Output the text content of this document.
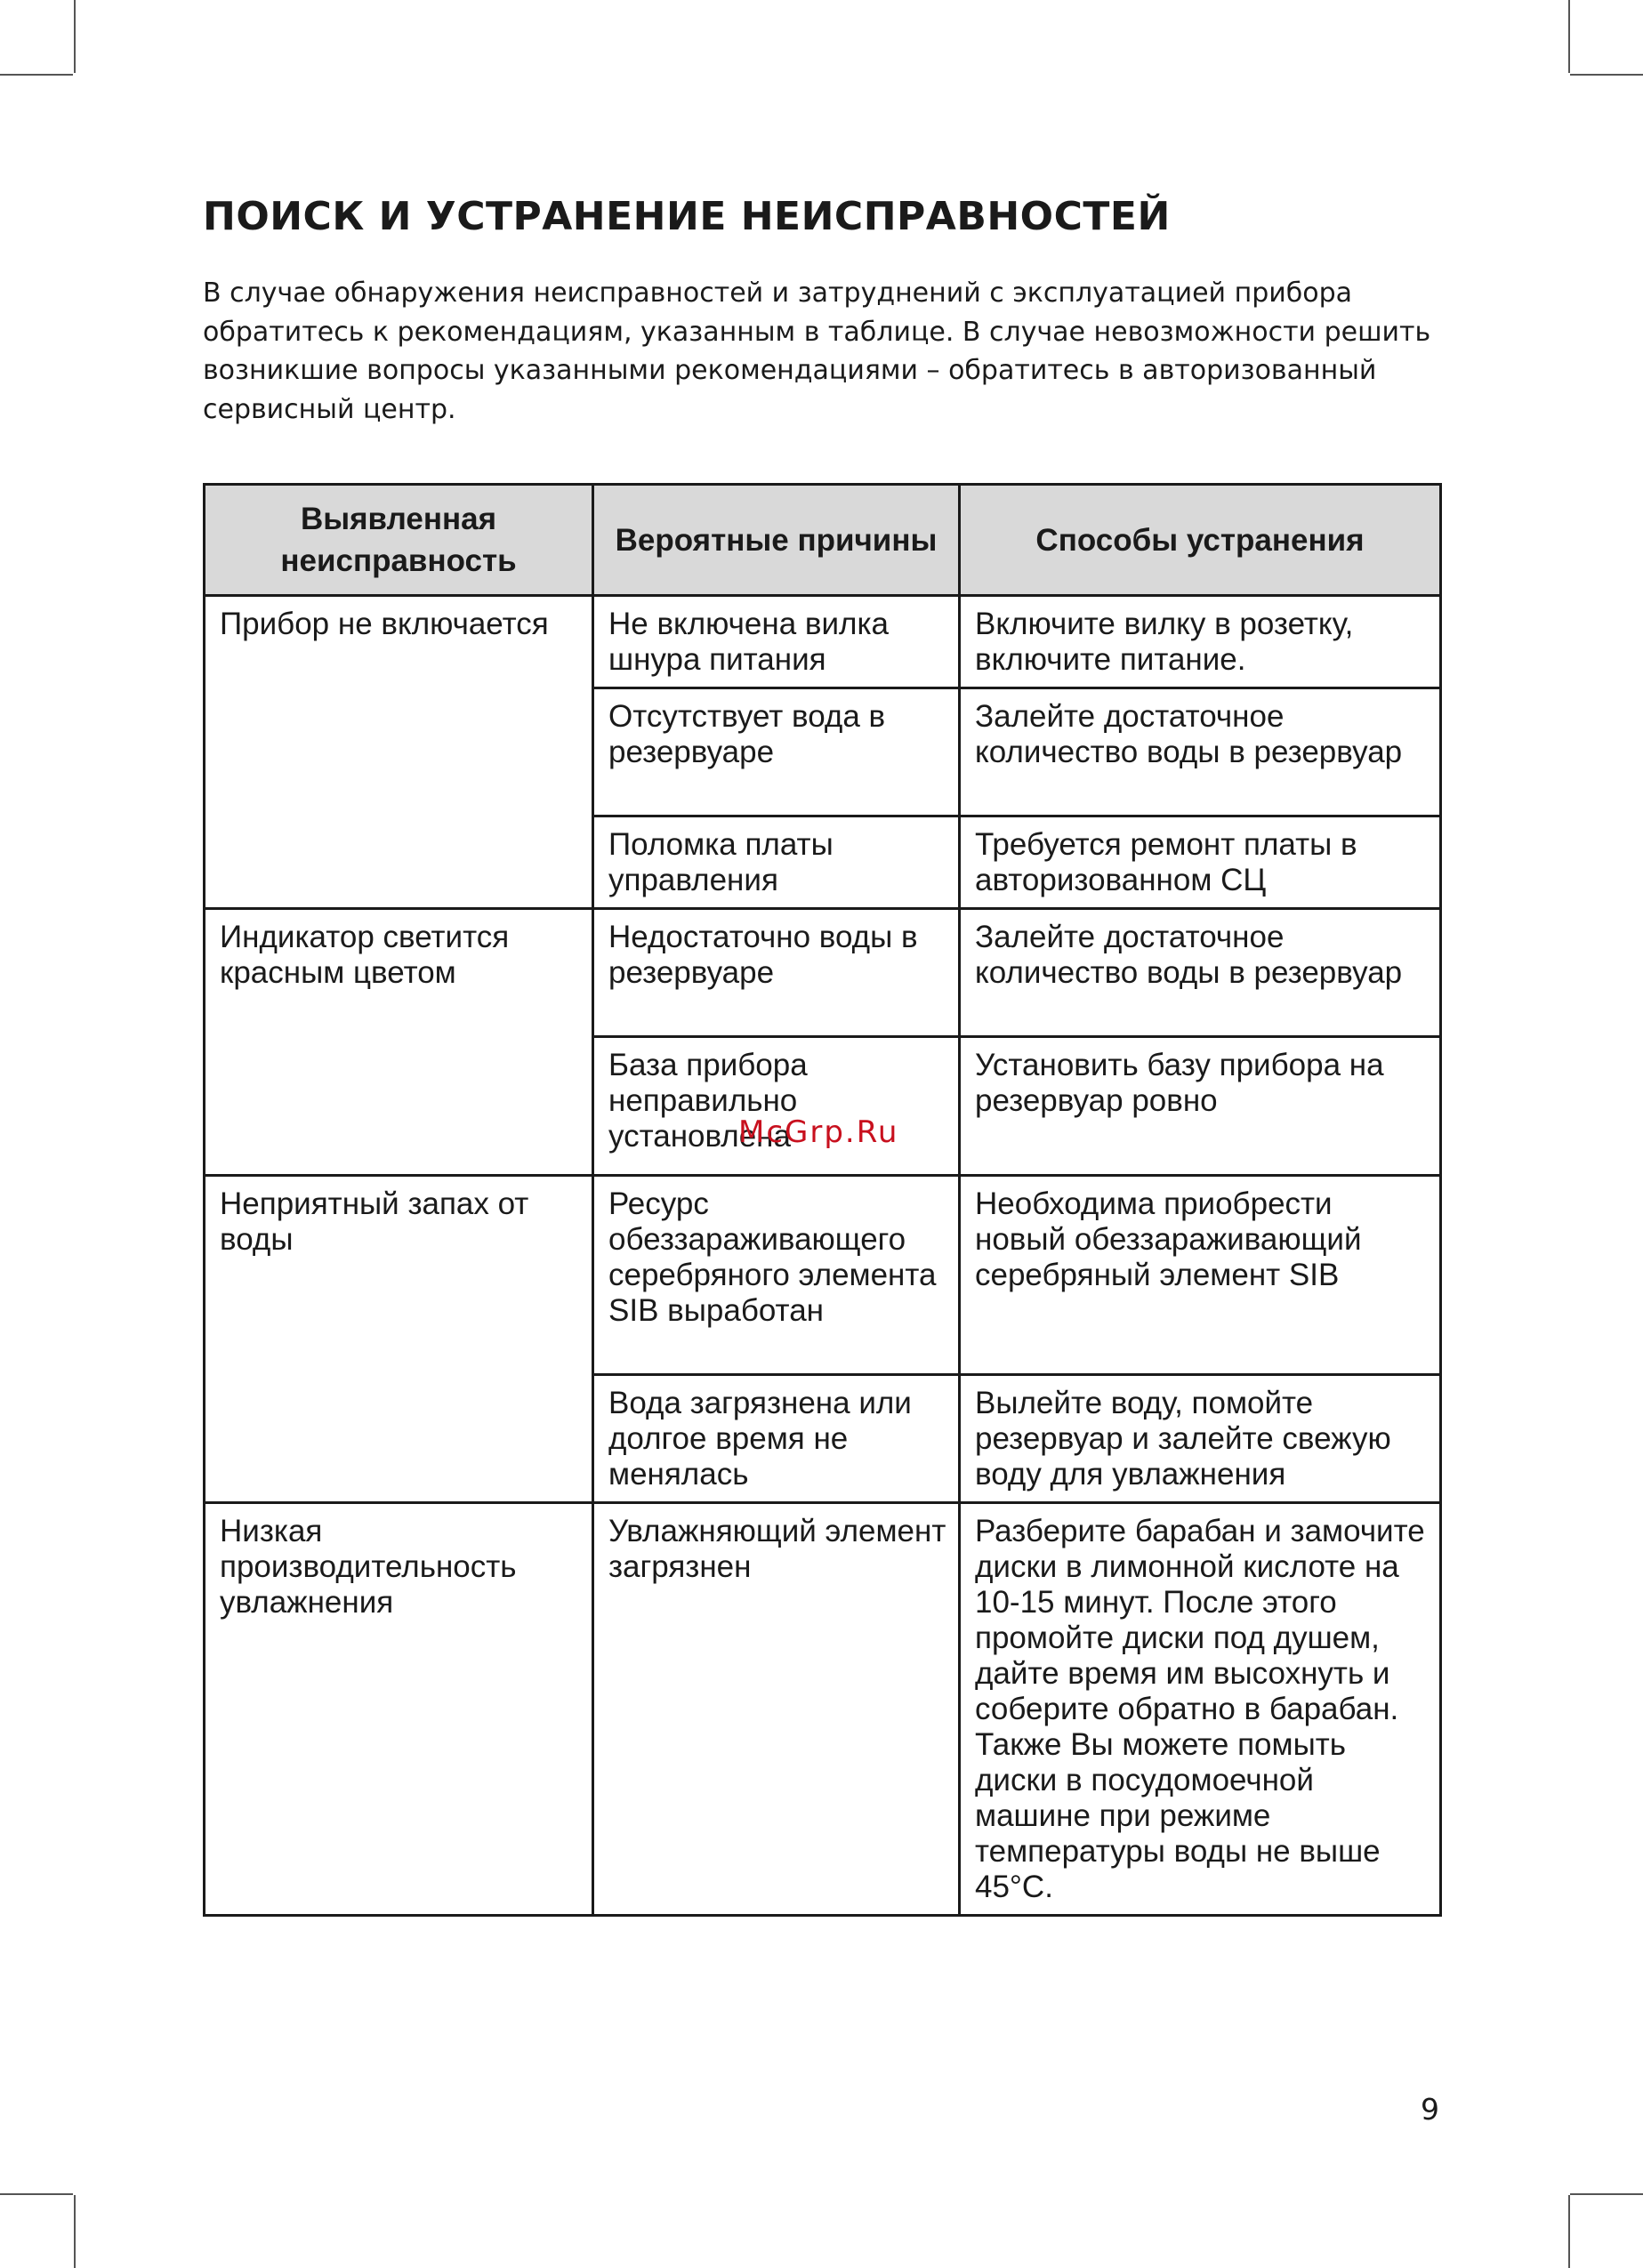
ПОИСК И УСТРАНЕНИЕ НЕИСПРАВНОСТЕЙ

В случае обнаружения неисправностей и затруднений с эксплуатацией прибора обратитесь к рекомендациям, указанным в таблице. В случае невозможности решить возникшие вопросы указанными рекомендациями – обратитесь в авторизованный сервисный центр.

Выявленная неисправность	Вероятные причины	Способы устранения

Прибор не включается	Не включена вилка шнура питания	Включите вилку в розетку, включите питание.

	Отсутствует вода в резервуаре	Залейте достаточное количество воды в резервуар

	Поломка платы управления	Требуется ремонт платы в авторизованном СЦ

Индикатор светится красным цветом	Недостаточно воды в резервуаре	Залейте достаточное количество воды в резервуар

	База прибора неправильно установлена	Установить базу прибора на резервуар ровно

Неприятный запах от воды	Ресурс обеззараживающего серебряного элемента SIB выработан	Необходима приобрести новый обеззараживающий серебряный элемент SIB

	Вода загрязнена или долгое время не менялась	Вылейте воду, помойте резервуар и залейте свежую воду для увлажнения

Низкая производительность увлажнения	Увлажняющий элемент загрязнен	Разберите барабан и замочите диски в лимонной кислоте на 10-15 минут. После этого промойте диски под душем, дайте время им высохнуть и соберите обратно в барабан. Также Вы можете помыть диски в посудомоечной машине при режиме температуры воды не выше 45°С.
McGrp.Ru
9
